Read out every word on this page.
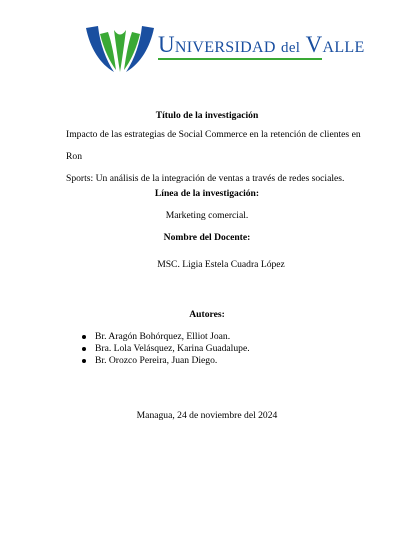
UNIVERSIDAD del VALLE
Título de la investigación
Impacto de las estrategias de Social Commerce en la retención de clientes en Ron
Sports: Un análisis de la integración de ventas a través de redes sociales.
Línea de la investigación:
Marketing comercial.
Nombre del Docente:
MSC. Ligia Estela Cuadra López
Autores:
Br. Aragón Bohórquez, Elliot Joan.
Bra. Lola Velásquez, Karina Guadalupe.
Br. Orozco Pereira, Juan Diego.
Managua, 24 de noviembre del 2024
